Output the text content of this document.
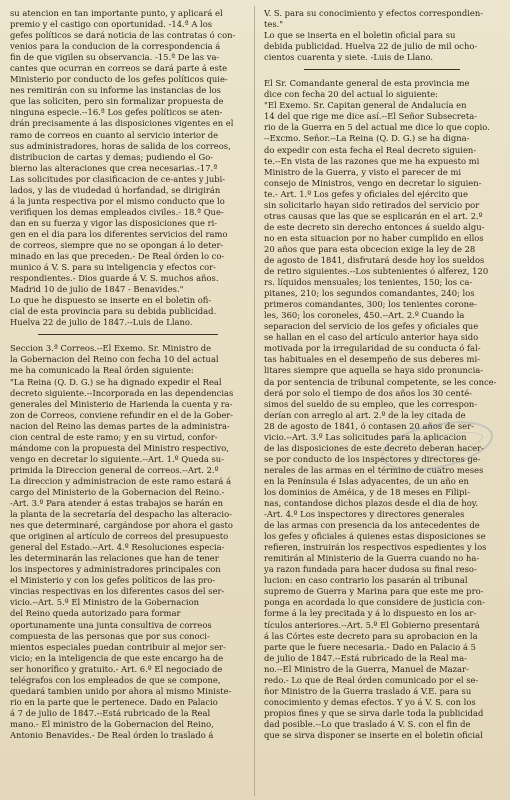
su atencion en tan importante punto, y aplicará el
premio y el castigo con oportunidad. -14.ª A los
gefes políticos se dará noticia de las contratas ó con-
venios para la conducion de la correspondencia á
fin de que vigilen su observancia. -15.ª De las va-
cantes que ocurran en correos se dará parte á este
Ministerio por conducto de los gefes políticos quie-
nes remitirán con su informe las instancias de los
que las soliciten, pero sin formalizar propuesta de
ninguna especie.--16.ª Los gefes políticos se aten-
drán precisamente á las disposiciones vigentes en el
ramo de correos en cuanto al servicio interior de
sus administradores, horas de salida de los correos,
distribucion de cartas y demas; pudiendo el Go-
bierno las alteraciones que crea necesarias.-17.ª
Las solicitudes por clasificacion de ce-antes y jubi-
lados, y las de viudedad ú horfandad, se dirigirán
á la junta respectiva por el mismo conducto que lo
verifiquen los demas empleados civiles.- 18.ª Que-
dan en su fuerza y vigor las disposiciones que ri-
gen en el dia para los diferentes servicios del ramo
de correos, siempre que no se opongan á lo deter-
minado en las que preceden.- De Real órden lo co-
munico á V. S. para su inteligencia y efectos cor-
respondientes.- Dios guarde á V. S. muchos años.
Madrid 10 de julio de 1847 - Benavides."
Lo que he dispuesto se inserte en el boletin ofi-
cial de esta provincia para su debida publicidad.
Huelva 22 de julio de 1847.--Luis de Llano.
Seccion 3.ª Correos.--El Exemo. Sr. Ministro de
la Gobernacion del Reino con fecha 10 del actual
me ha comunicado la Real órden siguiente:
"La Reina (Q. D. G.) se ha dignado expedir el Real
decreto siguiente.--Incorporada en las dependencias
generales del Ministerio de Harienda la cuenta y ra-
zon de Correos, conviene refundir en el de la Gober-
nacion del Reino las demas partes de la administra-
cion central de este ramo; y en su virtud, confor-
mándome con la propuesta del Ministro respectivo,
vengo en decretar lo siguiente.--Art. 1.º Queda su-
primida la Direccion general de correos.--Art. 2.º
La direccion y administracion de este ramo estará á
cargo del Ministerio de la Gobernacion del Reino.-
-Art. 3.º Para atender á estas trabajos se harán en
la planta de la secretaría del despacho las alteracio-
nes que determinaré, cargándose por ahora el gasto
que originen al artículo de correos del presupuesto
general del Estado.--Art. 4.º Resoluciones especia-
les determinarán las relaciones que han de tener
los inspectores y administradores principales con
el Ministerio y con los gefes políticos de las pro-
vincias respectivas en los diferentes casos del ser-
vicio.--Art. 5.º El Ministro de la Gobernacion
del Reino queda autorizado para formar
oportunamente una junta consultiva de correos
compuesta de las personas que por sus conoci-
mientos especiales puedan contribuir al mejor ser-
vicio; en la inteligencia de que este encargo ha de
ser honorífico y gratuito.- Art. 6.º El negociado de
telégrafos con los empleados de que se compone,
quedará tambien unido por ahora al mismo Ministe-
rio en la parte que le pertenece. Dado en Palacio
á 7 de julio de 1847.--Está rubricado de la Real
mano.- El ministro de la Gobernacion del Reino,
Antonio Benavides.- De Real órden lo traslado á
V. S. para su conocimiento y efectos correspondien-
tes."
Lo que se inserta en el boletin oficial para su
debida publicidad. Huelva 22 de julio de mil ocho-
cientos cuarenta y siete. -Luis de Llano.
El Sr. Comandante general de esta provincia me
dice con fecha 20 del actual lo siguiente:
"El Exemo. Sr. Capitan general de Andalucía en
14 del que rige me dice así.--El Señor Subsecreta-
rio de la Guerra en 5 del actual me dice lo que copio.
--Excmo. Señor.--La Reina (Q. D. G.) se ha digna-
do expedir con esta fecha el Real decreto siguien-
te.--En vista de las razones que me ha expuesto mi
Ministro de la Guerra, y visto el parecer de mi
consejo de Ministros, vengo en decretar lo siguien-
te.- Art. 1.º Los gefes y oficiales del ejército que
sin solicitarlo hayan sido retirados del servicio por
otras causas que las que se esplicarán en el art. 2.º
de este decreto sin derecho entonces á sueldo algu-
no en esta situacion por no haber cumplido en ellos
20 años que para esta obcecion exige la ley de 28
de agosto de 1841, disfrutará desde hoy los sueldos
de retiro siguientes.--Los subtenientes ó alferez, 120
rs. líquidos mensuales; los tenientes, 150; los ca-
pitanes, 210; los segundos comandantes, 240; los
primeros comandantes, 300; los tenientes corone-
les, 360; los coroneles, 450.--Art. 2.º Cuando la
separacion del servicio de los gefes y oficiales que
se hallan en el caso del artículo anterior haya sido
motivada por la irregularidad de su conducta ó fal-
tas habituales en el desempeño de sus deberes mi-
litares siempre que aquella se haya sido pronuncia-
da por sentencia de tribunal competente, se les conce-
derá por solo el tiempo de dos años los 30 centé-
simos del sueldo de su empleo, que les correspon-
derían con arreglo al art. 2.º de la ley citada de
28 de agosto de 1841, ó contasen 20 años de ser-
vicio.--Art. 3.º Las solicitudes para la aplicacion
de las disposiciones de este decreto deberan hacer-
se por conducto de los inspectores y directores ge-
nerales de las armas en el término de cuatro meses
en la Península é Islas adyacentes, de un año en
los dominios de Améica, y de 18 meses en Filipi-
nas, contandose dichos plazos desde el dia de hoy.
-Art. 4.º Los inspectores y directores generales
de las armas con presencia da los antecedentes de
los gefes y oficiales á quienes estas disposiciones se
refieren, instruirán los respectivos espedientes y los
remitirán al Ministerio de la Guerra cuando no ha-
ya razon fundada para hacer dudosa su final reso-
lucion: en caso contrario los pasarán al tribunal
supremo de Guerra y Marina para que este me pro-
ponga en acordada lo que considere de justicia con-
forme á la ley precitada y á lo dispuesto en los ar-
tículos anteriores.--Art. 5.º El Gobierno presentará
á las Córtes este decreto para su aprobacion en la
parte que le fuere necesaria.- Dado en Palacio á 5
de julio de 1847.--Está rubricado de la Real ma-
no.--El Ministro de la Guerra, Manuel de Mazar-
redo.- Lo que de Real órden comunicado por el se-
ñor Ministro de la Guerra traslado á V.E. para su
conocimiento y demas efectos. Y yo á V. S. con los
propios fines y que se sirva darle toda la publicidad
dad posible.--Lo que traslado á V. S. con el fin de
que se sirva disponer se inserte en el boletin oficial
